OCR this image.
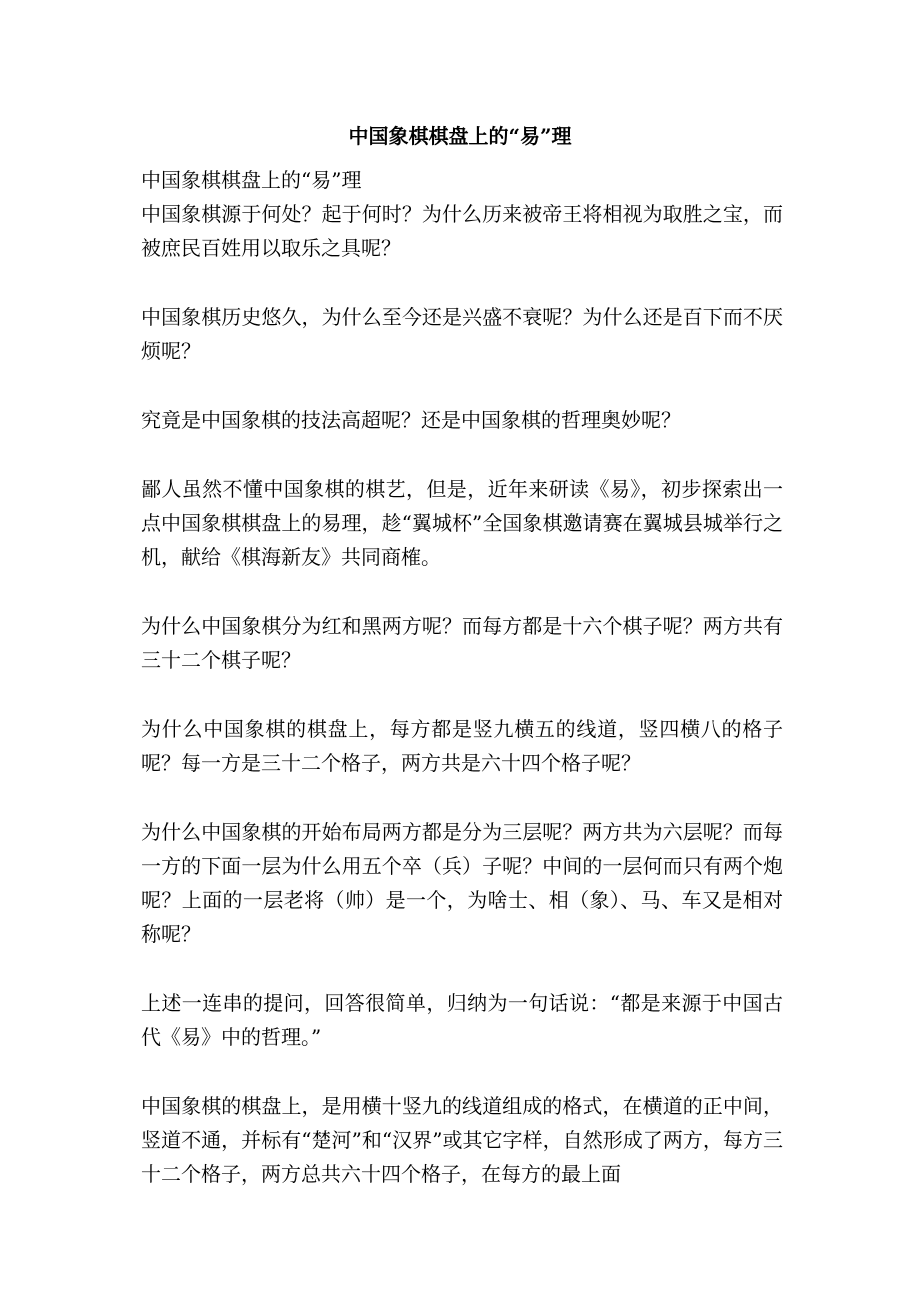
中国象棋棋盘上的“易”理

中国象棋棋盘上的“易”理

中国象棋源于何处？起于何时？为什么历来被帝王将相视为取胜之宝，而被庶民百姓用以取乐之具呢？

中国象棋历史悠久，为什么至今还是兴盛不衰呢？为什么还是百下而不厌烦呢？

究竟是中国象棋的技法高超呢？还是中国象棋的哲理奥妙呢？

鄙人虽然不懂中国象棋的棋艺，但是，近年来研读《易》，初步探索出一点中国象棋棋盘上的易理，趁“翼城杯”全国象棋邀请赛在翼城县城举行之机，献给《棋海新友》共同商榷。

为什么中国象棋分为红和黑两方呢？而每方都是十六个棋子呢？两方共有三十二个棋子呢？

为什么中国象棋的棋盘上，每方都是竖九横五的线道，竖四横八的格子呢？每一方是三十二个格子，两方共是六十四个格子呢？

为什么中国象棋的开始布局两方都是分为三层呢？两方共为六层呢？而每一方的下面一层为什么用五个卒（兵）子呢？中间的一层何而只有两个炮呢？上面的一层老将（帅）是一个，为啥士、相（象）、马、车又是相对称呢？

上述一连串的提问，回答很简单，归纳为一句话说：“都是来源于中国古代《易》中的哲理。”

中国象棋的棋盘上，是用横十竖九的线道组成的格式，在横道的正中间，竖道不通，并标有“楚河”和“汉界”或其它字样，自然形成了两方，每方三十二个格子，两方总共六十四个格子，在每方的最上面
